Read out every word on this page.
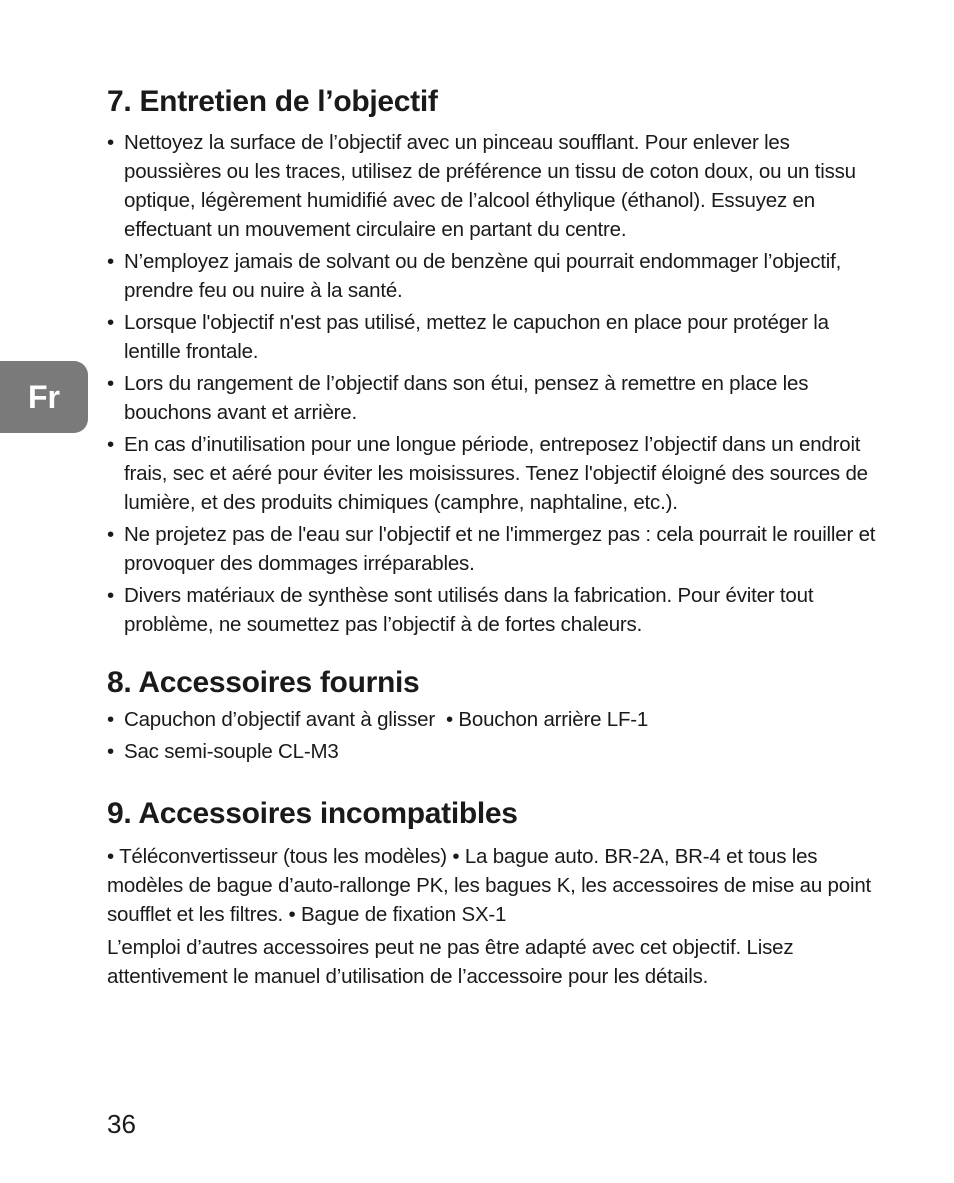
Fr
7. Entretien de l’objectif
• Nettoyez la surface de l’objectif avec un pinceau soufflant. Pour enlever les poussières ou les traces, utilisez de préférence un tissu de coton doux, ou un tissu optique, légèrement humidifié avec de l’alcool éthylique (éthanol). Essuyez en effectuant un mouvement circulaire en partant du centre.
• N’employez jamais de solvant ou de benzène qui pourrait endommager l’objectif, prendre feu ou nuire à la santé.
• Lorsque l'objectif n'est pas utilisé, mettez le capuchon en place pour protéger la lentille frontale.
• Lors du rangement de l’objectif dans son étui, pensez à remettre en place les bouchons avant et arrière.
• En cas d’inutilisation pour une longue période, entreposez l’objectif dans un endroit frais, sec et aéré pour éviter les moisissures. Tenez l'objectif éloigné des sources de lumière, et des produits chimiques (camphre, naphtaline, etc.).
• Ne projetez pas de l'eau sur l'objectif et ne l'immergez pas : cela pourrait le rouiller et provoquer des dommages irréparables.
• Divers matériaux de synthèse sont utilisés dans la fabrication. Pour éviter tout problème, ne soumettez pas l’objectif à de fortes chaleurs.
8. Accessoires fournis
• Capuchon d’objectif avant à glisser  • Bouchon arrière LF-1
• Sac semi-souple CL-M3
9. Accessoires incompatibles

• Téléconvertisseur (tous les modèles) • La bague auto. BR-2A, BR-4 et tous les modèles de bague d’auto-rallonge PK, les bagues K, les accessoires de mise au point soufflet et les filtres. • Bague de fixation SX-1

L’emploi d’autres accessoires peut ne pas être adapté avec cet objectif. Lisez attentivement le manuel d’utilisation de l’accessoire pour les détails.

36
